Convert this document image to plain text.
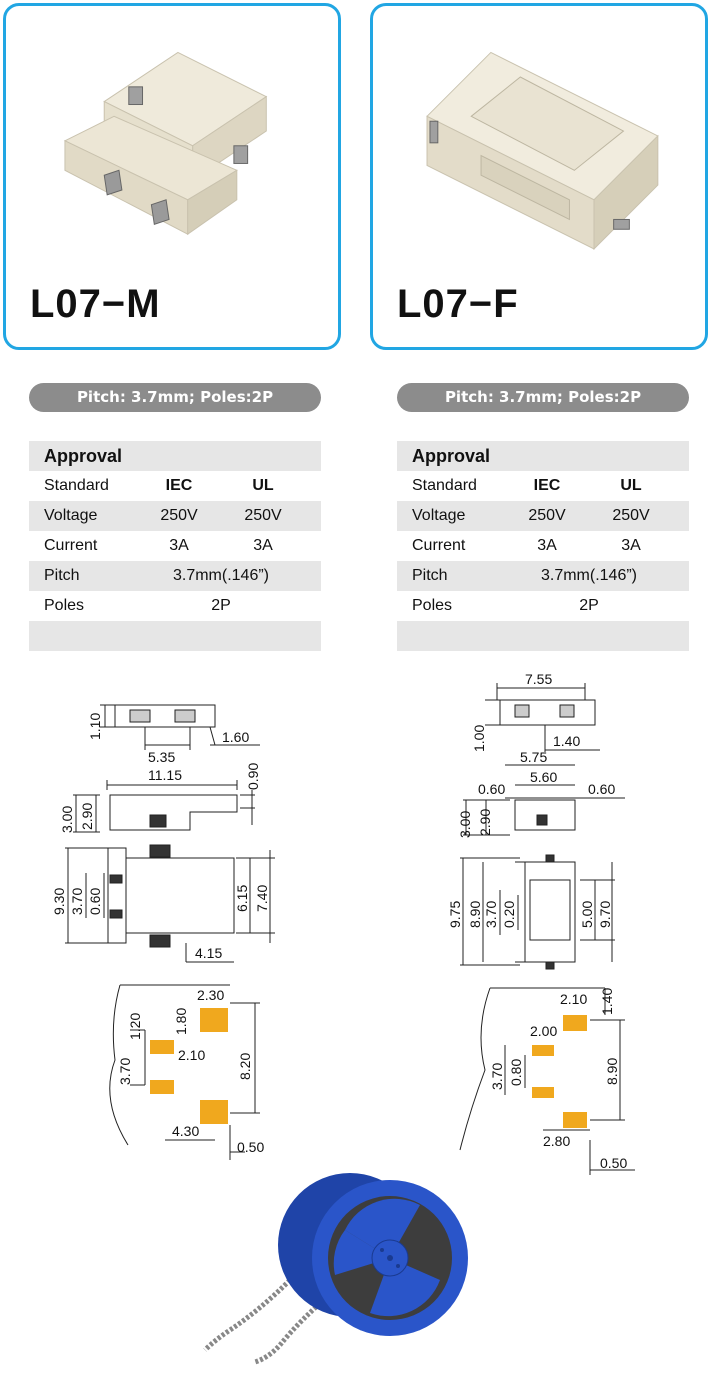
L07−M	L07−F
Pitch: 3.7mm; Poles:2P	Pitch: 3.7mm; Poles:2P
Approval
Standard	IEC	UL
Voltage	250V	250V
Current	3A	3A
Pitch	3.7mm(.146”)
Poles	2P
Approval
Standard	IEC	UL
Voltage	250V	250V
Current	3A	3A
Pitch	3.7mm(.146”)
Poles	2P
1.10	1.60
5.35
11.15	0.90
3.00 2.90
9.30 3.70 0.60	6.15 7.40
4.15
2.30
1.20 1.80
2.10
3.70	8.20
4.30
0.50
7.55
1.00	1.40
5.75
5.60
0.60	0.60
3.00 2.90
9.75 8.90 3.70 0.20	5.00 9.70
2.10 1.40
2.00
3.70 0.80	8.90
2.80
0.50
